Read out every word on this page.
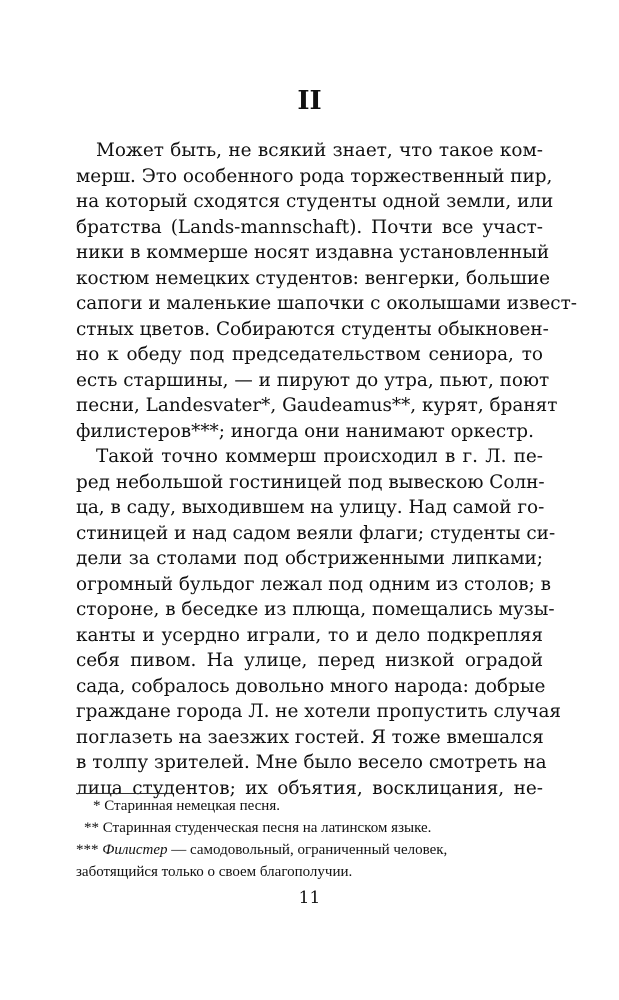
II
Может быть, не всякий знает, что такое ком-
мерш. Это особенного рода торжественный пир,
на который сходятся студенты одной земли, или
братства (Lands-mannschaft). Почти все участ-
ники в коммерше носят издавна установленный
костюм немецких студентов: венгерки, большие
сапоги и маленькие шапочки с околышами извест-
стных цветов. Собираются студенты обыкновен-
но к обеду под председательством сениора, то
есть старшины, — и пируют до утра, пьют, поют
песни, Landesvater*, Gaudeamus**, курят, бранят
филистеров***; иногда они нанимают оркестр.
Такой точно коммерш происходил в г. Л. пе-
ред небольшой гостиницей под вывескою Солн-
ца, в саду, выходившем на улицу. Над самой го-
стиницей и над садом веяли флаги; студенты си-
дели за столами под обстриженными липками;
огромный бульдог лежал под одним из столов; в
стороне, в беседке из плюща, помещались музы-
канты и усердно играли, то и дело подкрепляя
себя пивом. На улице, перед низкой оградой
сада, собралось довольно много народа: добрые
граждане города Л. не хотели пропустить случая
поглазеть на заезжих гостей. Я тоже вмешался
в толпу зрителей. Мне было весело смотреть на
лица студентов; их объятия, восклицания, не-
* Старинная немецкая песня.
** Старинная студенческая песня на латинском языке.
*** Филистер — самодовольный, ограниченный человек,
заботящийся только о своем благополучии.
11
